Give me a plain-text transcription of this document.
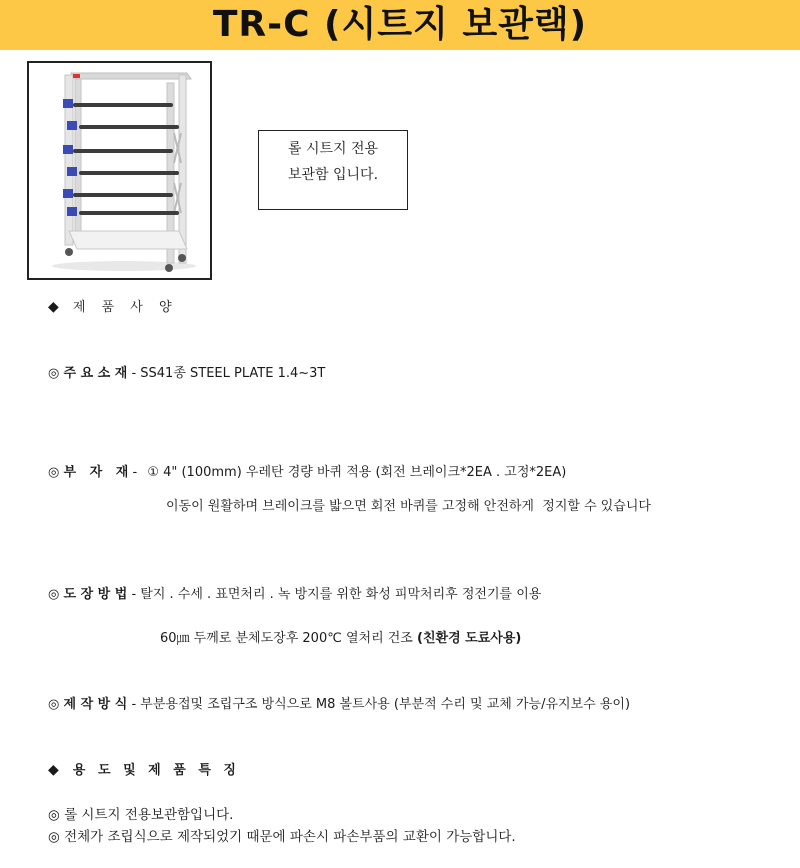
TR-C (시트지 보관랙)
롤 시트지 전용
보관함 입니다.
◆ 제 품 사 양
◎ 주 요 소 재 - SS41종 STEEL PLATE 1.4~3T
◎ 부   자   재 - ① 4" (100mm) 우레탄 경량 바퀴 적용 (회전 브레이크*2EA . 고정*2EA)
이동이 원활하며 브레이크를 밟으면 회전 바퀴를 고정해 안전하게  정지할 수 있습니다
◎ 도 장 방 법 - 탈지 . 수세 . 표면처리 . 녹 방지를 위한 화성 피막처리후 정전기를 이용
60㎛ 두께로 분체도장후 200℃ 열처리 건조 (친환경 도료사용)
◎ 제 작 방 식 - 부분용접및 조립구조 방식으로 M8 볼트사용 (부분적 수리 및 교체 가능/유지보수 용이)
◆ 용 도 및 제 품 특 징
◎ 롤 시트지 전용보관함입니다.
◎ 전체가 조립식으로 제작되었기 때문에 파손시 파손부품의 교환이 가능합니다.
